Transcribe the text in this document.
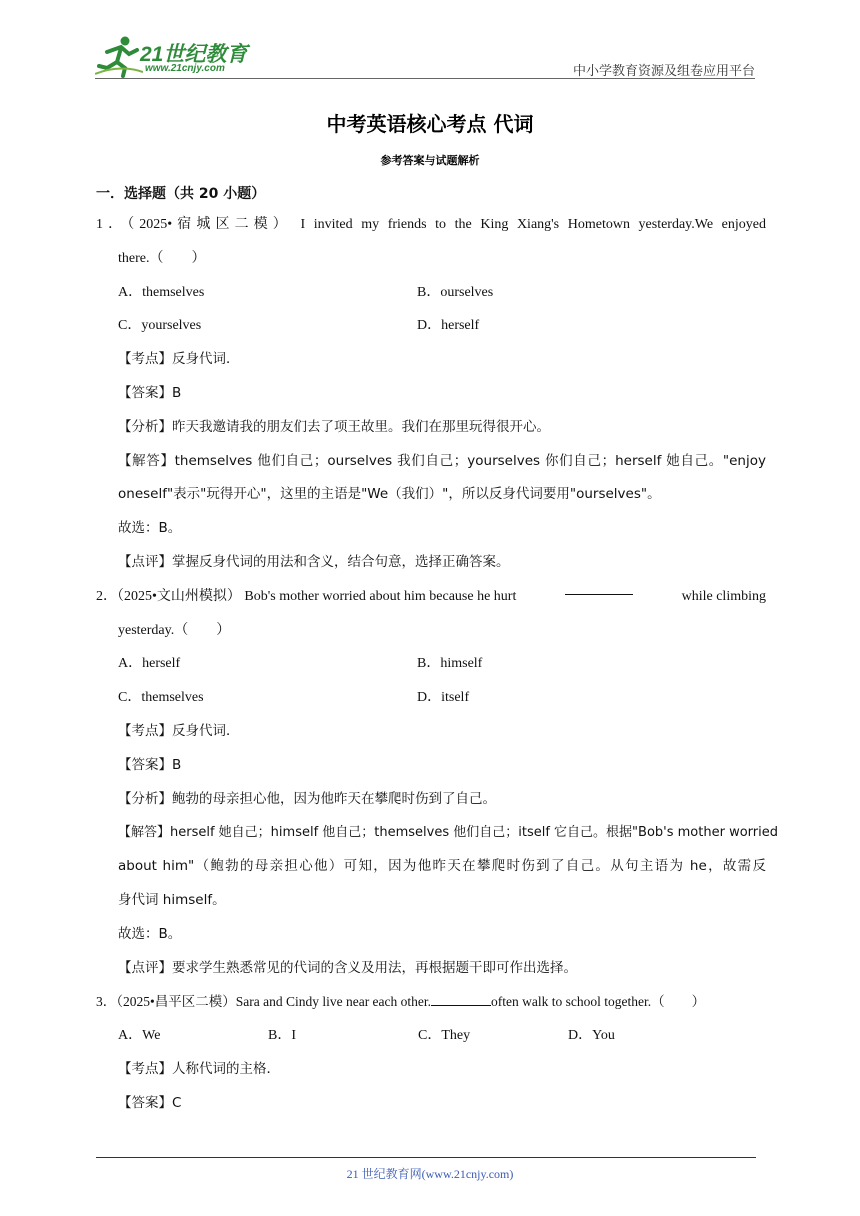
21世纪教育
www.21cnjy.com	中小学教育资源及组卷应用平台
中考英语核心考点 代词
参考答案与试题解析
一．选择题（共 20 小题）
1．（2025•宿城区二模） I invited my friends to the King Xiang's Hometown yesterday.We enjoyed
there.（　　）
A．themselves	B．ourselves
C．yourselves	D．herself
【考点】反身代词．
【答案】B
【分析】昨天我邀请我的朋友们去了项王故里。我们在那里玩得很开心。
【解答】themselves 他们自己；ourselves 我们自己；yourselves 你们自己；herself 她自己。"enjoy
oneself"表示"玩得开心"，这里的主语是"We（我们）"，所以反身代词要用"ourselves"。
故选：B。
【点评】掌握反身代词的用法和含义，结合句意，选择正确答案。
2．（2025•文山州模拟） Bob's mother worried about him because he hurt	while climbing
yesterday.（　　）
A．herself	B．himself
C．themselves	D．itself
【考点】反身代词．
【答案】B
【分析】鲍勃的母亲担心他，因为他昨天在攀爬时伤到了自己。
【解答】herself 她自己；himself 他自己；themselves 他们自己；itself 它自己。根据"Bob's mother worried
about him"（鲍勃的母亲担心他）可知，因为他昨天在攀爬时伤到了自己。从句主语为 he，故需反
身代词 himself。
故选：B。
【点评】要求学生熟悉常见的代词的含义及用法，再根据题干即可作出选择。
3．（2025•昌平区二模）Sara and Cindy live near each other.	often walk to school together.（　　）
A．We	B．I	C．They	D．You
【考点】人称代词的主格．
【答案】C
21 世纪教育网(www.21cnjy.com)
